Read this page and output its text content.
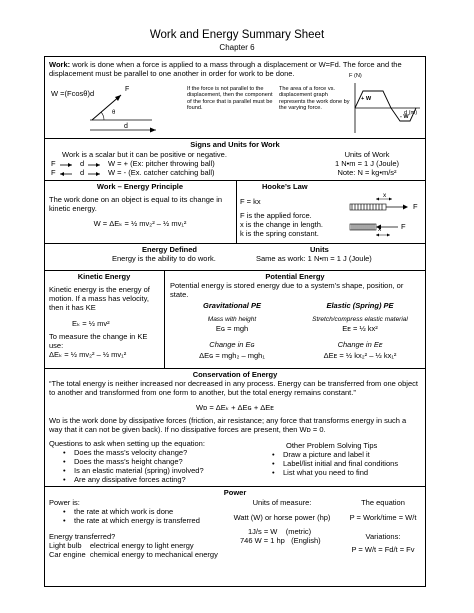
Work and Energy Summary Sheet
Chapter 6
Work: work is done when a force is applied to a mass through a displacement or W=Fd. The force and the displacement must be parallel to one another in order for work to be done.
W =(Fcosθ)d	F
θ
d
If the force is not parallel to the displacement, then the component of the force that is parallel must be found.
The area of a force vs. displacement graph represents the work done by the varying force.
F (N)
d (m)
+ W
- W
Signs and Units for Work
Work is a scalar but it can be positive or negative.
F	d	W = + (Ex: pitcher throwing ball)
F	d	W = - (Ex. catcher catching ball)
Units of Work
1 N•m = 1 J (Joule)
Note: N = kg•m/s²
Work – Energy Principle
The work done on an object is equal to its change in kinetic energy.
W = ΔEₖ = ½ mv₂² – ½ mv₁²
Hooke’s Law
F = kx
F is the applied force.
x is the change in length.
k is the spring constant.
x
F
x	F
Energy Defined
Energy is the ability to do work.
Units
Same as work: 1 N•m = 1 J (Joule)
Kinetic Energy
Kinetic energy is the energy of motion. If a mass has velocity, then it has KE
Eₖ = ½ mv²
To measure the change in KE use:
ΔEₖ = ½ mv₂² – ½ mv₁²
Potential Energy
Potential energy is stored energy due to a system’s shape, position, or state.
Gravitational PE
Mass with height
Eɢ = mgh
Change in Eɢ
ΔEɢ = mgh₂ – mgh₁
Elastic (Spring) PE
Stretch/compress elastic material
Eᴇ = ½ kx²
Change in Eᴇ
ΔEᴇ = ½ kx₂² – ½ kx₁²
Conservation of Energy
“The total energy is neither increased nor decreased in any process. Energy can be transferred from one object to another and transformed from one form to another, but the total energy remains constant.”
Wᴅ = ΔEₖ + ΔEɢ + ΔEᴇ
Wᴅ is the work done by dissipative forces (friction, air resistance; any force that transforms energy in such a way that it can not be given back). If no dissipative forces are present, then Wᴅ = 0.
Questions to ask when setting up the equation:
• Does the mass’s velocity change?
• Does the mass’s height change?
• Is an elastic material (spring) involved?
• Are any dissipative forces acting?
Other Problem Solving Tips
• Draw a picture and label it
• Label/list initial and final conditions
• List what you need to find
Power
Power is:
• the rate at which work is done
• the rate at which energy is transferred
Energy transferred?
Light bulb    electrical energy to light energy
Car engine  chemical energy to mechanical energy
Units of measure:
Watt (W) or horse power (hp)
1J/s = W    (metric)
746 W = 1 hp   (English)
The equation
P = Work/time = W/t
Variations:
P = W/t = Fd/t = Fv
